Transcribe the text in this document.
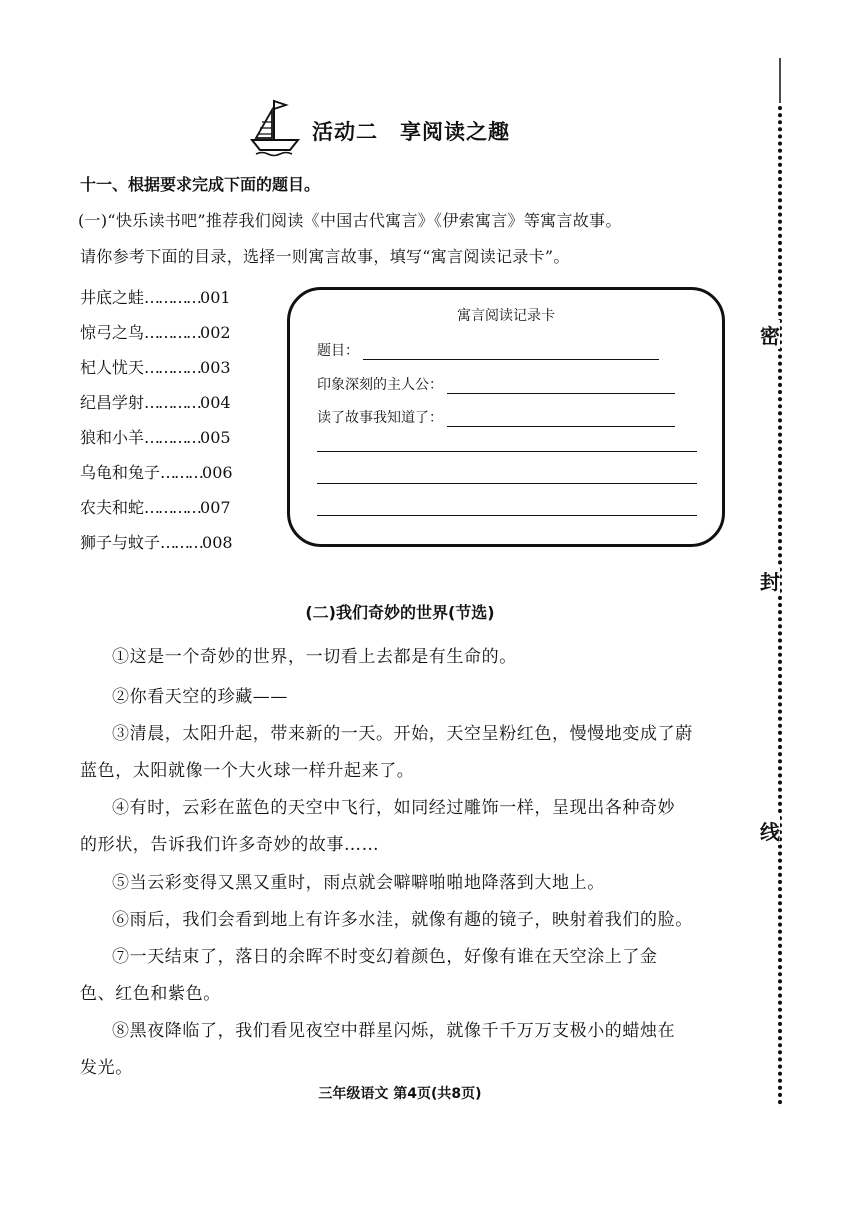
活动二　享阅读之趣
十一、根据要求完成下面的题目。
(一)“快乐读书吧”推荐我们阅读《中国古代寓言》《伊索寓言》等寓言故事。
请你参考下面的目录，选择一则寓言故事，填写“寓言阅读记录卡”。
井底之蛙…………001
惊弓之鸟…………002
杞人忧天…………003
纪昌学射…………004
狼和小羊…………005
乌龟和兔子………006
农夫和蛇…………007
狮子与蚊子………008
寓言阅读记录卡
题目：
印象深刻的主人公：
读了故事我知道了：
(二)我们奇妙的世界(节选)
①这是一个奇妙的世界，一切看上去都是有生命的。
②你看天空的珍藏——
③清晨，太阳升起，带来新的一天。开始，天空呈粉红色，慢慢地变成了蔚
蓝色，太阳就像一个大火球一样升起来了。
④有时，云彩在蓝色的天空中飞行，如同经过雕饰一样，呈现出各种奇妙
的形状，告诉我们许多奇妙的故事……
⑤当云彩变得又黑又重时，雨点就会噼噼啪啪地降落到大地上。
⑥雨后，我们会看到地上有许多水洼，就像有趣的镜子，映射着我们的脸。
⑦一天结束了，落日的余晖不时变幻着颜色，好像有谁在天空涂上了金
色、红色和紫色。
⑧黑夜降临了，我们看见夜空中群星闪烁，就像千千万万支极小的蜡烛在
发光。
三年级语文 第4页(共8页)
密
封
线
